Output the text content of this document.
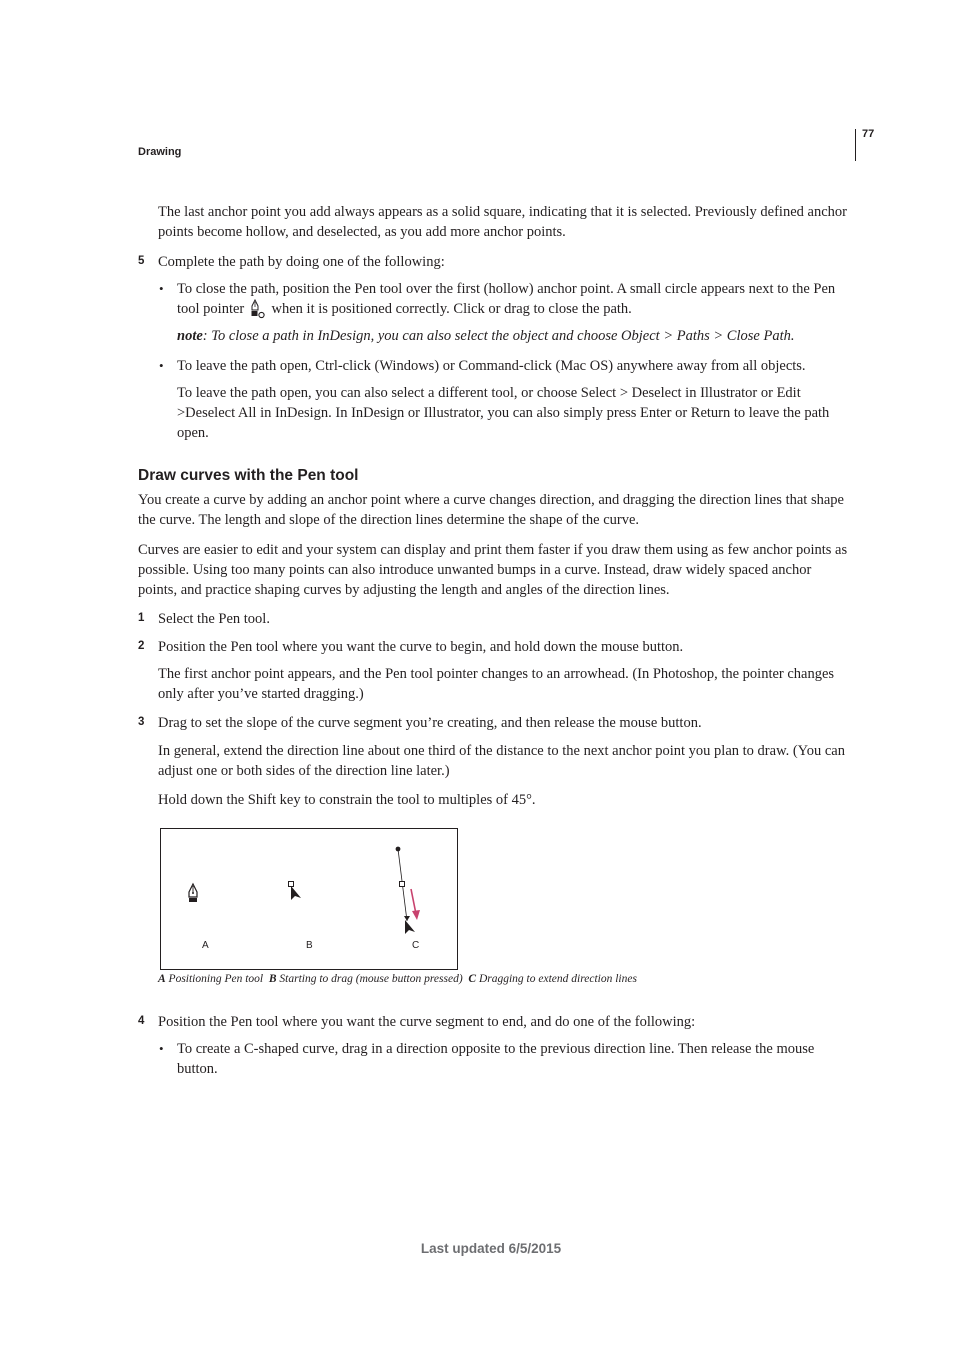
Drawing
77

The last anchor point you add always appears as a solid square, indicating that it is selected. Previously defined anchor points become hollow, and deselected, as you add more anchor points.

5 Complete the path by doing one of the following:

• To close the path, position the Pen tool over the first (hollow) anchor point. A small circle appears next to the Pen tool pointer when it is positioned correctly. Click or drag to close the path.

note: To close a path in InDesign, you can also select the object and choose Object > Paths > Close Path.

• To leave the path open, Ctrl-click (Windows) or Command-click (Mac OS) anywhere away from all objects.

To leave the path open, you can also select a different tool, or choose Select > Deselect in Illustrator or Edit >Deselect All in InDesign. In InDesign or Illustrator, you can also simply press Enter or Return to leave the path open.

Draw curves with the Pen tool

You create a curve by adding an anchor point where a curve changes direction, and dragging the direction lines that shape the curve. The length and slope of the direction lines determine the shape of the curve.

Curves are easier to edit and your system can display and print them faster if you draw them using as few anchor points as possible. Using too many points can also introduce unwanted bumps in a curve. Instead, draw widely spaced anchor points, and practice shaping curves by adjusting the length and angles of the direction lines.

1 Select the Pen tool.

2 Position the Pen tool where you want the curve to begin, and hold down the mouse button.

The first anchor point appears, and the Pen tool pointer changes to an arrowhead. (In Photoshop, the pointer changes only after you’ve started dragging.)

3 Drag to set the slope of the curve segment you’re creating, and then release the mouse button.

In general, extend the direction line about one third of the distance to the next anchor point you plan to draw. (You can adjust one or both sides of the direction line later.)

Hold down the Shift key to constrain the tool to multiples of 45°.

A	B	C
A Positioning Pen tool B Starting to drag (mouse button pressed) C Dragging to extend direction lines
4 Position the Pen tool where you want the curve segment to end, and do one of the following:

• To create a C-shaped curve, drag in a direction opposite to the previous direction line. Then release the mouse button.

Last updated 6/5/2015
